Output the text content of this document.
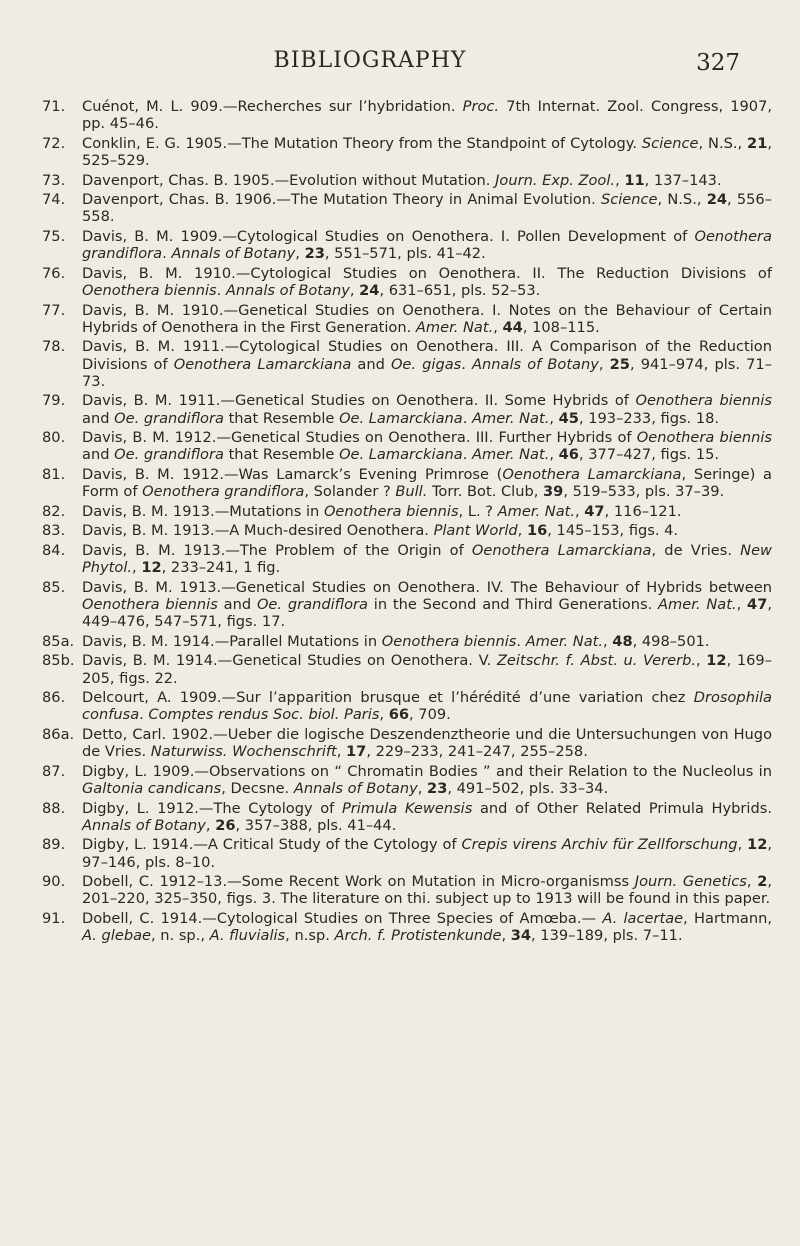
BIBLIOGRAPHY	327
71.	Cuénot, M. L. 909.—Recherches sur l’hybridation. Proc. 7th Internat. Zool. Congress, 1907, pp. 45–46.
72.	Conklin, E. G. 1905.—The Mutation Theory from the Standpoint of Cytology. Science, N.S., 21, 525–529.
73.	Davenport, Chas. B. 1905.—Evolution without Mutation. Journ. Exp. Zool., 11, 137–143.
74.	Davenport, Chas. B. 1906.—The Mutation Theory in Animal Evolution. Science, N.S., 24, 556–558.
75.	Davis, B. M. 1909.—Cytological Studies on Oenothera. I. Pollen Development of Oenothera grandiflora. Annals of Botany, 23, 551–571, pls. 41–42.
76.	Davis, B. M. 1910.—Cytological Studies on Oenothera. II. The Reduction Divisions of Oenothera biennis. Annals of Botany, 24, 631–651, pls. 52–53.
77.	Davis, B. M. 1910.—Genetical Studies on Oenothera. I. Notes on the Behaviour of Certain Hybrids of Oenothera in the First Generation. Amer. Nat., 44, 108–115.
78.	Davis, B. M. 1911.—Cytological Studies on Oenothera. III. A Comparison of the Reduction Divisions of Oenothera Lamarckiana and Oe. gigas. Annals of Botany, 25, 941–974, pls. 71–73.
79.	Davis, B. M. 1911.—Genetical Studies on Oenothera. II. Some Hybrids of Oenothera biennis and Oe. grandiflora that Resemble Oe. Lamarckiana. Amer. Nat., 45, 193–233, figs. 18.
80.	Davis, B. M. 1912.—Genetical Studies on Oenothera. III. Further Hybrids of Oenothera biennis and Oe. grandiflora that Resemble Oe. Lamarckiana. Amer. Nat., 46, 377–427, figs. 15.
81.	Davis, B. M. 1912.—Was Lamarck’s Evening Primrose (Oenothera Lamarckiana, Seringe) a Form of Oenothera grandiflora, Solander ? Bull. Torr. Bot. Club, 39, 519–533, pls. 37–39.
82.	Davis, B. M. 1913.—Mutations in Oenothera biennis, L. ? Amer. Nat., 47, 116–121.
83.	Davis, B. M. 1913.—A Much-desired Oenothera. Plant World, 16, 145–153, figs. 4.
84.	Davis, B. M. 1913.—The Problem of the Origin of Oenothera Lamarckiana, de Vries. New Phytol., 12, 233–241, 1 fig.
85.	Davis, B. M. 1913.—Genetical Studies on Oenothera. IV. The Behaviour of Hybrids between Oenothera biennis and Oe. grandiflora in the Second and Third Generations. Amer. Nat., 47, 449–476, 547–571, figs. 17.
85a. Davis, B. M. 1914.—Parallel Mutations in Oenothera biennis. Amer. Nat., 48, 498–501.
85b. Davis, B. M. 1914.—Genetical Studies on Oenothera. V. Zeitschr. f. Abst. u. Vererb., 12, 169–205, figs. 22.
86.	Delcourt, A. 1909.—Sur l’apparition brusque et l’hérédité d’une variation chez Drosophila confusa. Comptes rendus Soc. biol. Paris, 66, 709.
86a. Detto, Carl. 1902.—Ueber die logische Deszendenztheorie und die Untersuchungen von Hugo de Vries. Naturwiss. Wochenschrift, 17, 229–233, 241–247, 255–258.
87.	Digby, L. 1909.—Observations on “ Chromatin Bodies ” and their Relation to the Nucleolus in Galtonia candicans, Decsne. Annals of Botany, 23, 491–502, pls. 33–34.
88.	Digby, L. 1912.—The Cytology of Primula Kewensis and of Other Related Primula Hybrids. Annals of Botany, 26, 357–388, pls. 41–44.
89.	Digby, L. 1914.—A Critical Study of the Cytology of Crepis virens Archiv für Zellforschung, 12, 97–146, pls. 8–10.
90.	Dobell, C. 1912–13.—Some Recent Work on Mutation in Micro-organismss Journ. Genetics, 2, 201–220, 325–350, figs. 3. The literature on thi. subject up to 1913 will be found in this paper.
91.	Dobell, C. 1914.—Cytological Studies on Three Species of Amœba.— A. lacertae, Hartmann, A. glebae, n. sp., A. fluvialis, n.sp. Arch. f. Protistenkunde, 34, 139–189, pls. 7–11.
